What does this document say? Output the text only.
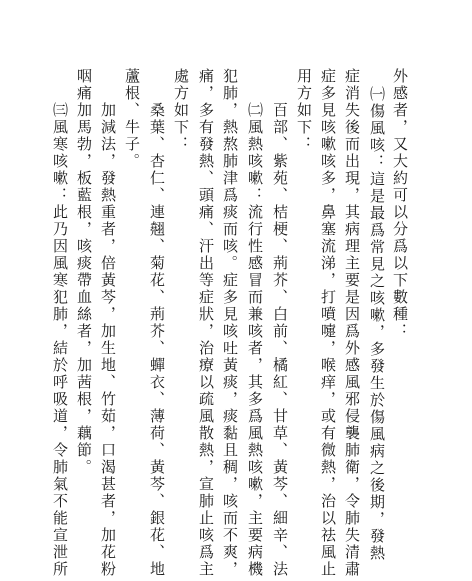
外感者，又大約可以分爲以下數種：
㈠傷風咳：這是最爲常見之咳嗽，多發生於傷風病之後期，發熱
症消失後而出現，其病理主要是因爲外感風邪侵襲肺衛，令肺失清肅
症多見咳嗽咳多，鼻塞流涕，打噴嚏，喉痒，或有微熱，治以祛風止
用方如下：
百部、紫苑、桔梗、荊芥、白前、橘紅、甘草、黃芩、細辛、法
㈡風熱咳嗽：流行性感冒而兼咳者，其多爲風熱咳嗽，主要病機
犯肺，熱熬肺津爲痰而咳。症多見咳吐黃痰，痰黏且稠，咳而不爽，
痛，多有發熱、頭痛、汗出等症狀，治療以疏風散熱，宣肺止咳爲主
處方如下：
桑葉、杏仁、連翹、菊花、荊芥、蟬衣、薄荷、黃芩、銀花、地
蘆根、牛子。
加減法，發熱重者，倍黃芩，加生地、竹茹，口渴甚者，加花粉
咽痛加馬勃，板藍根，咳痰帶血絲者，加茜根，藕節。
㈢風寒咳嗽：此乃因風寒犯肺，結於呼吸道，令肺氣不能宣泄所
